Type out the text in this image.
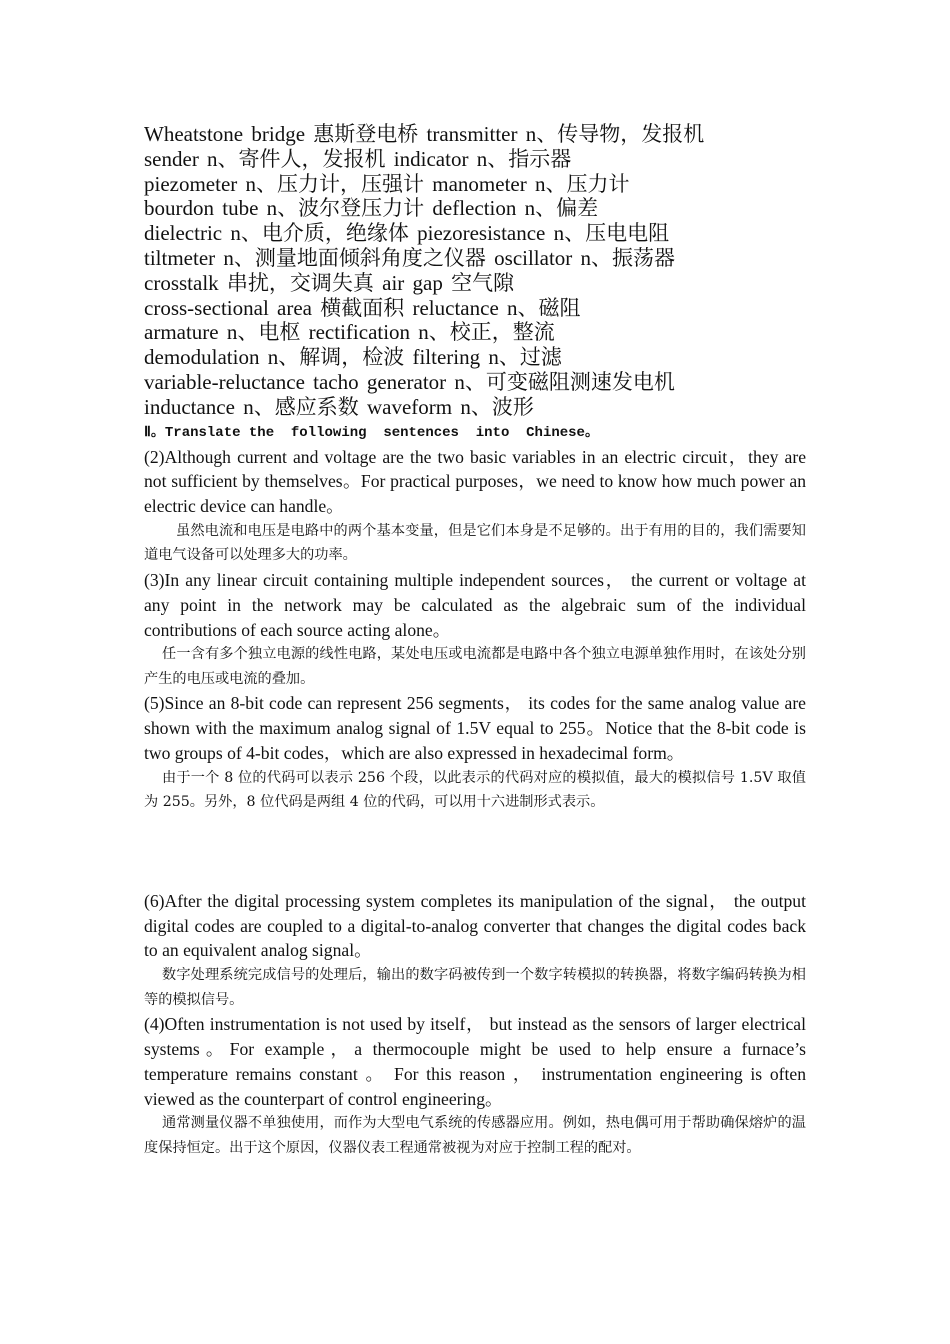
Wheatstone bridge 惠斯登电桥 transmitter n、传导物，发报机
sender n、寄件人，发报机 indicator n、指示器
piezometer n、压力计，压强计 manometer n、压力计
bourdon tube n、波尔登压力计 deflection n、偏差
dielectric n、电介质，绝缘体 piezoresistance n、压电电阻
tiltmeter n、测量地面倾斜角度之仪器 oscillator n、振荡器
crosstalk 串扰，交调失真 air gap 空气隙
cross-sectional area 横截面积 reluctance n、磁阻
armature n、电枢 rectification n、校正，整流
demodulation n、解调，检波 filtering n、过滤
variable-reluctance tacho generator n、可变磁阻测速发电机
inductance n、感应系数 waveform n、波形
Ⅱ。Translate the  following  sentences  into  Chinese。

(2)Although current and voltage are the two basic variables in an electric circuit，they are not sufficient by themselves。For practical purposes，we need to know how much power an electric device can handle。

虽然电流和电压是电路中的两个基本变量，但是它们本身是不足够的。出于有用的目的，我们需要知道电气设备可以处理多大的功率。

(3)In any linear circuit containing multiple independent sources， the current or voltage at any point in the network may be calculated as the algebraic sum of the individual contributions of each source acting alone。

任一含有多个独立电源的线性电路，某处电压或电流都是电路中各个独立电源单独作用时，在该处分别产生的电压或电流的叠加。

(5)Since an 8-bit code can represent 256 segments， its codes for the same analog value are shown with the maximum analog signal of 1.5V equal to 255。Notice that the 8-bit code is two groups of 4-bit codes，which are also expressed in hexadecimal form。

由于一个 8 位的代码可以表示 256 个段，以此表示的代码对应的模拟值，最大的模拟信号 1.5V 取值为 255。另外，8 位代码是两组 4 位的代码，可以用十六进制形式表示。

(6)After the digital processing system completes its manipulation of the signal， the output digital codes are coupled to a digital-to-analog converter that changes the digital codes back to an equivalent analog signal。

数字处理系统完成信号的处理后，输出的数字码被传到一个数字转模拟的转换器，将数字编码转换为相等的模拟信号。

(4)Often instrumentation is not used by itself， but instead as the sensors of larger electrical systems。For example，a thermocouple might be used to help ensure a furnace’s temperature remains constant 。 For this reason ， instrumentation engineering is often viewed as the counterpart of control engineering。

通常测量仪器不单独使用，而作为大型电气系统的传感器应用。例如，热电偶可用于帮助确保熔炉的温度保持恒定。出于这个原因，仪器仪表工程通常被视为对应于控制工程的配对。
